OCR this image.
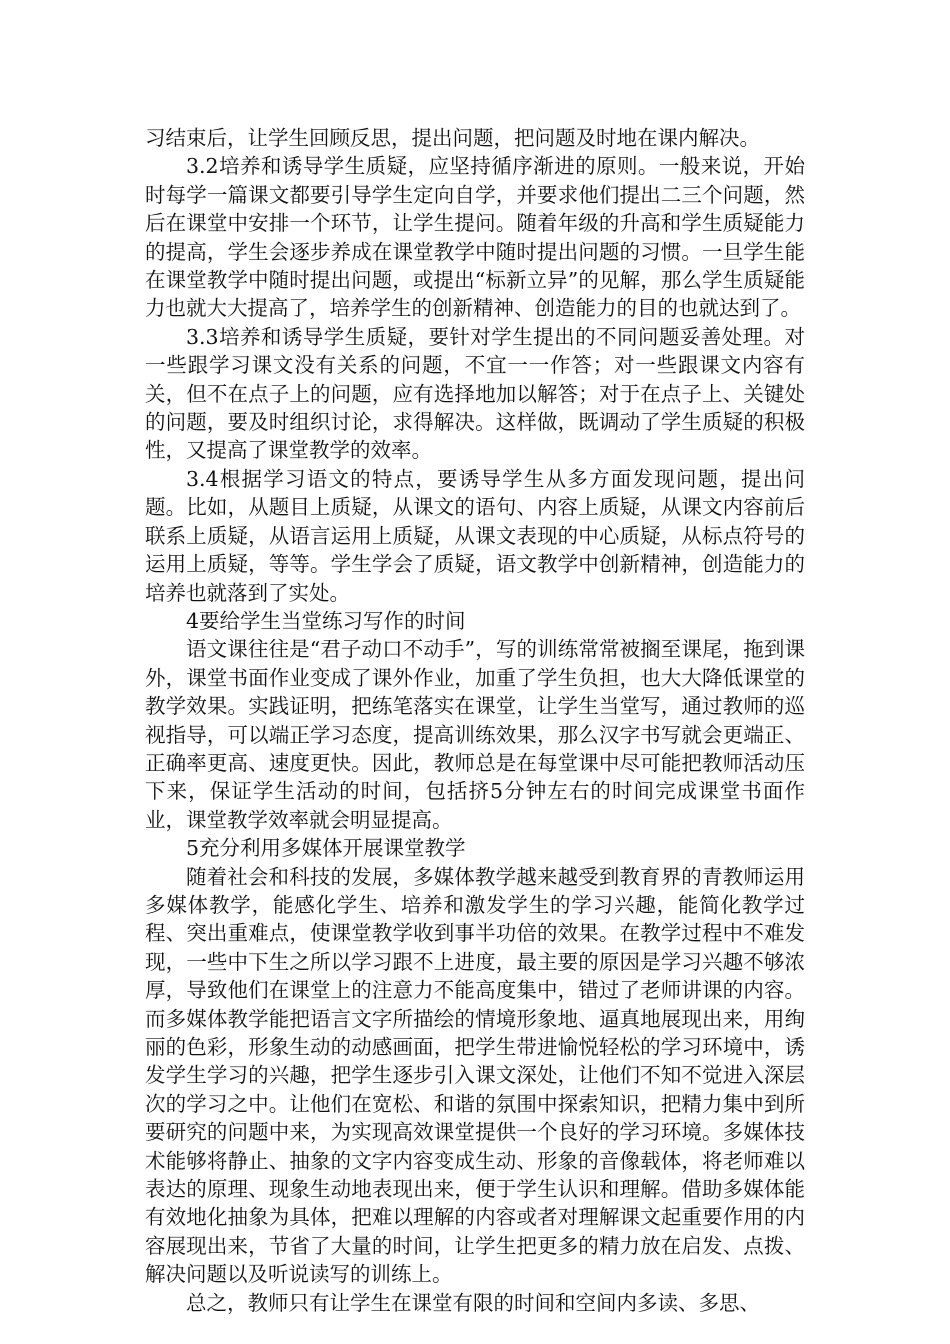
习结束后，让学生回顾反思，提出问题，把问题及时地在课内解决。

3.2培养和诱导学生质疑，应坚持循序渐进的原则。一般来说，开始时每学一篇课文都要引导学生定向自学，并要求他们提出二三个问题，然后在课堂中安排一个环节，让学生提问。随着年级的升高和学生质疑能力的提高，学生会逐步养成在课堂教学中随时提出问题的习惯。一旦学生能在课堂教学中随时提出问题，或提出“标新立异”的见解，那么学生质疑能力也就大大提高了，培养学生的创新精神、创造能力的目的也就达到了。

3.3培养和诱导学生质疑，要针对学生提出的不同问题妥善处理。对一些跟学习课文没有关系的问题，不宜一一作答；对一些跟课文内容有关，但不在点子上的问题，应有选择地加以解答；对于在点子上、关键处的问题，要及时组织讨论，求得解决。这样做，既调动了学生质疑的积极性，又提高了课堂教学的效率。

3.4根据学习语文的特点，要诱导学生从多方面发现问题，提出问题。比如，从题目上质疑，从课文的语句、内容上质疑，从课文内容前后联系上质疑，从语言运用上质疑，从课文表现的中心质疑，从标点符号的运用上质疑，等等。学生学会了质疑，语文教学中创新精神，创造能力的培养也就落到了实处。

4要给学生当堂练习写作的时间

语文课往往是“君子动口不动手”，写的训练常常被搁至课尾，拖到课外，课堂书面作业变成了课外作业，加重了学生负担，也大大降低课堂的教学效果。实践证明，把练笔落实在课堂，让学生当堂写，通过教师的巡视指导，可以端正学习态度，提高训练效果，那么汉字书写就会更端正、正确率更高、速度更快。因此，教师总是在每堂课中尽可能把教师活动压下来，保证学生活动的时间，包括挤5分钟左右的时间完成课堂书面作业，课堂教学效率就会明显提高。

5充分利用多媒体开展课堂教学

随着社会和科技的发展，多媒体教学越来越受到教育界的青教师运用多媒体教学，能感化学生、培养和激发学生的学习兴趣，能简化教学过程、突出重难点，使课堂教学收到事半功倍的效果。在教学过程中不难发现，一些中下生之所以学习跟不上进度，最主要的原因是学习兴趣不够浓厚，导致他们在课堂上的注意力不能高度集中，错过了老师讲课的内容。而多媒体教学能把语言文字所描绘的情境形象地、逼真地展现出来，用绚丽的色彩，形象生动的动感画面，把学生带进愉悦轻松的学习环境中，诱发学生学习的兴趣，把学生逐步引入课文深处，让他们不知不觉进入深层次的学习之中。让他们在宽松、和谐的氛围中探索知识，把精力集中到所要研究的问题中来，为实现高效课堂提供一个良好的学习环境。多媒体技术能够将静止、抽象的文字内容变成生动、形象的音像载体，将老师难以表达的原理、现象生动地表现出来，便于学生认识和理解。借助多媒体能有效地化抽象为具体，把难以理解的内容或者对理解课文起重要作用的内容展现出来，节省了大量的时间，让学生把更多的精力放在启发、点拨、解决问题以及听说读写的训练上。

总之，教师只有让学生在课堂有限的时间和空间内多读、多思、
